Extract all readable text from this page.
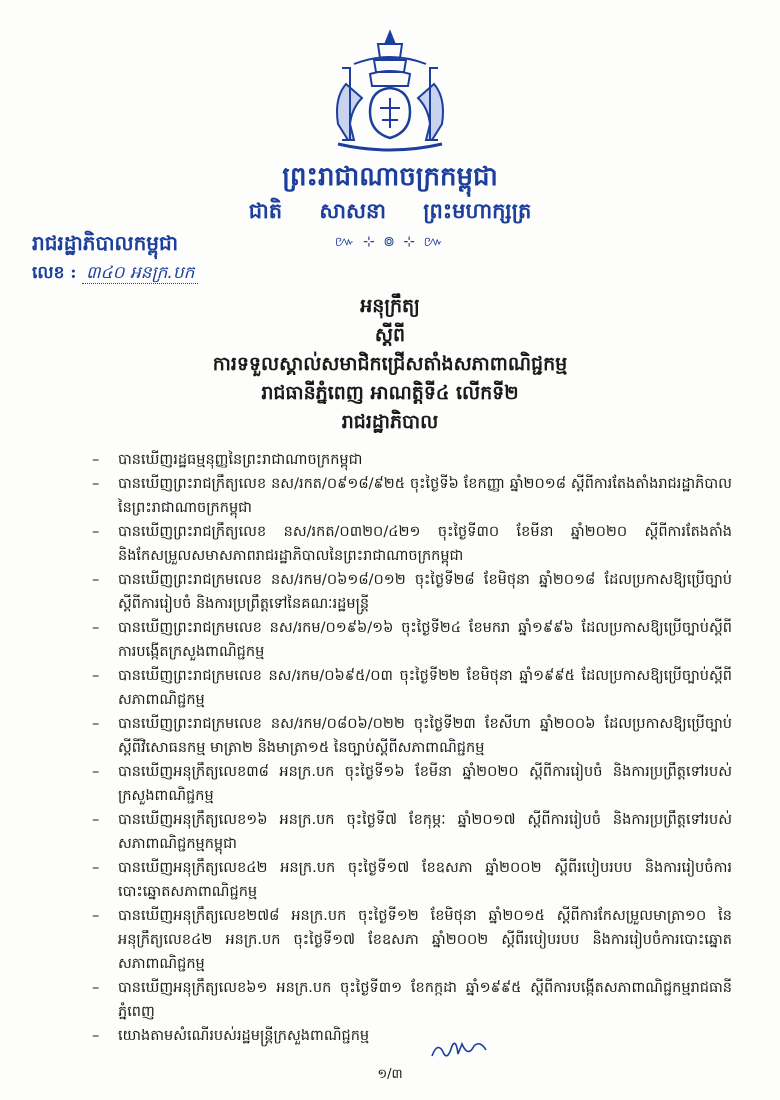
ព្រះរាជាណាចក្រកម្ពុជា
ជាតិ សាសនា ព្រះមហាក្សត្រ
៚ ⊹ ៙ ⊹ ៚
រាជរដ្ឋាភិបាលកម្ពុជា
លេខ : ៣៤០ អនក្រ.បក
អនុក្រឹត្យ
ស្តីពី
ការទទួលស្គាល់សមាជិកជ្រើសតាំងសភាពាណិជ្ជកម្ម
រាជធានីភ្នំពេញ អាណត្តិទី៤ លើកទី២
រាជរដ្ឋាភិបាល
– បានឃើញរដ្ឋធម្មនុញ្ញនៃព្រះរាជាណាចក្រកម្ពុជា
– បានឃើញព្រះរាជក្រឹត្យលេខ នស/រកត/០៩១៨/៩២៥ ចុះថ្ងៃទី៦ ខែកញ្ញា ឆ្នាំ២០១៨ ស្តីពីការតែងតាំងរាជរដ្ឋាភិបាលនៃព្រះរាជាណាចក្រកម្ពុជា
– បានឃើញព្រះរាជក្រឹត្យលេខ នស/រកត/០៣២០/៤២១ ចុះថ្ងៃទី៣០ ខែមីនា ឆ្នាំ២០២០ ស្តីពីការតែងតាំង និងកែសម្រួលសមាសភាពរាជរដ្ឋាភិបាលនៃព្រះរាជាណាចក្រកម្ពុជា
– បានឃើញព្រះរាជក្រមលេខ នស/រកម/០៦១៨/០១២ ចុះថ្ងៃទី២៨ ខែមិថុនា ឆ្នាំ២០១៨ ដែលប្រកាសឱ្យប្រើច្បាប់ស្តីពីការរៀបចំ និងការប្រព្រឹត្តទៅនៃគណៈរដ្ឋមន្ត្រី
– បានឃើញព្រះរាជក្រមលេខ នស/រកម/០១៩៦/១៦ ចុះថ្ងៃទី២៤ ខែមករា ឆ្នាំ១៩៩៦ ដែលប្រកាសឱ្យប្រើច្បាប់ស្តីពីការបង្កើតក្រសួងពាណិជ្ជកម្ម
– បានឃើញព្រះរាជក្រមលេខ នស/រកម/០៦៩៥/០៣ ចុះថ្ងៃទី២២ ខែមិថុនា ឆ្នាំ១៩៩៥ ដែលប្រកាសឱ្យប្រើច្បាប់ស្តីពីសភាពាណិជ្ជកម្ម
– បានឃើញព្រះរាជក្រមលេខ នស/រកម/០៨០៦/០២២ ចុះថ្ងៃទី២៣ ខែសីហា ឆ្នាំ២០០៦ ដែលប្រកាសឱ្យប្រើច្បាប់ស្តីពីវិសោធនកម្ម មាត្រា២ និងមាត្រា១៥ នៃច្បាប់ស្តីពីសភាពាណិជ្ជកម្ម
– បានឃើញអនុក្រឹត្យលេខ៣៨ អនក្រ.បក ចុះថ្ងៃទី១៦ ខែមីនា ឆ្នាំ២០២០ ស្តីពីការរៀបចំ និងការប្រព្រឹត្តទៅរបស់ក្រសួងពាណិជ្ជកម្ម
– បានឃើញអនុក្រឹត្យលេខ១៦ អនក្រ.បក ចុះថ្ងៃទី៧ ខែកុម្ភៈ ឆ្នាំ២០១៧ ស្តីពីការរៀបចំ និងការប្រព្រឹត្តទៅរបស់សភាពាណិជ្ជកម្មកម្ពុជា
– បានឃើញអនុក្រឹត្យលេខ៤២ អនក្រ.បក ចុះថ្ងៃទី១៧ ខែឧសភា ឆ្នាំ២០០២ ស្តីពីរបៀបរបប និងការរៀបចំការបោះឆ្នោតសភាពាណិជ្ជកម្ម
– បានឃើញអនុក្រឹត្យលេខ២៧៨ អនក្រ.បក ចុះថ្ងៃទី១២ ខែមិថុនា ឆ្នាំ២០១៥ ស្តីពីការកែសម្រួលមាត្រា១០ នៃអនុក្រឹត្យលេខ៤២ អនក្រ.បក ចុះថ្ងៃទី១៧ ខែឧសភា ឆ្នាំ២០០២ ស្តីពីរបៀបរបប និងការរៀបចំការបោះឆ្នោតសភាពាណិជ្ជកម្ម
– បានឃើញអនុក្រឹត្យលេខ៦១ អនក្រ.បក ចុះថ្ងៃទី៣១ ខែកក្កដា ឆ្នាំ១៩៩៥ ស្តីពីការបង្កើតសភាពាណិជ្ជកម្មរាជធានីភ្នំពេញ
– យោងតាមសំណើរបស់រដ្ឋមន្ត្រីក្រសួងពាណិជ្ជកម្ម
១/៣
